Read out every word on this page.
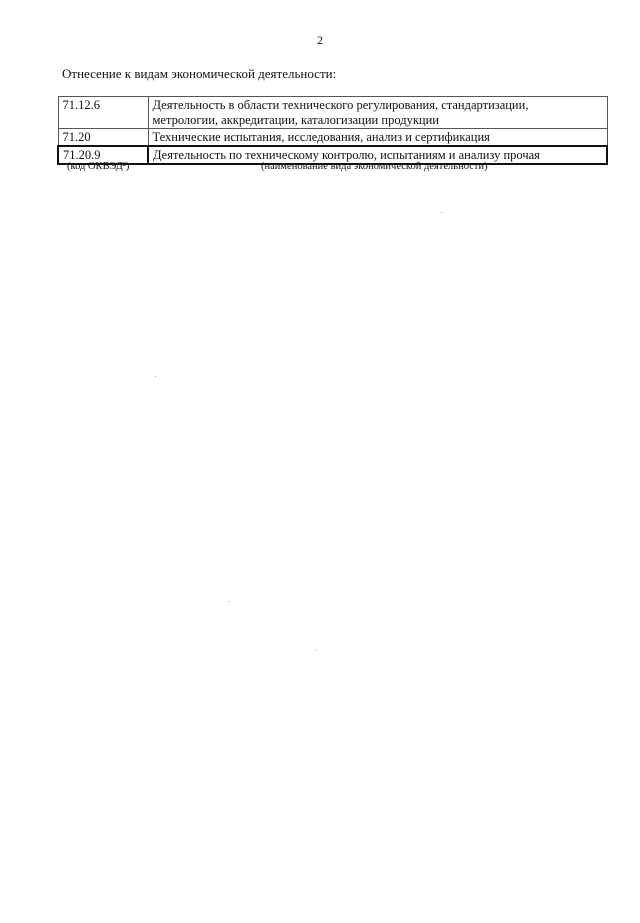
2
Отнесение к видам экономической деятельности:
71.12.6	Деятельность в области технического регулирования, стандартизации,
метрологии, аккредитации, каталогизации продукции

71.20	Технические испытания, исследования, анализ и сертификация

71.20.9	Деятельность по техническому контролю, испытаниям и анализу прочая
(код ОКВЭД²)	(наименование вида экономической деятельности)
